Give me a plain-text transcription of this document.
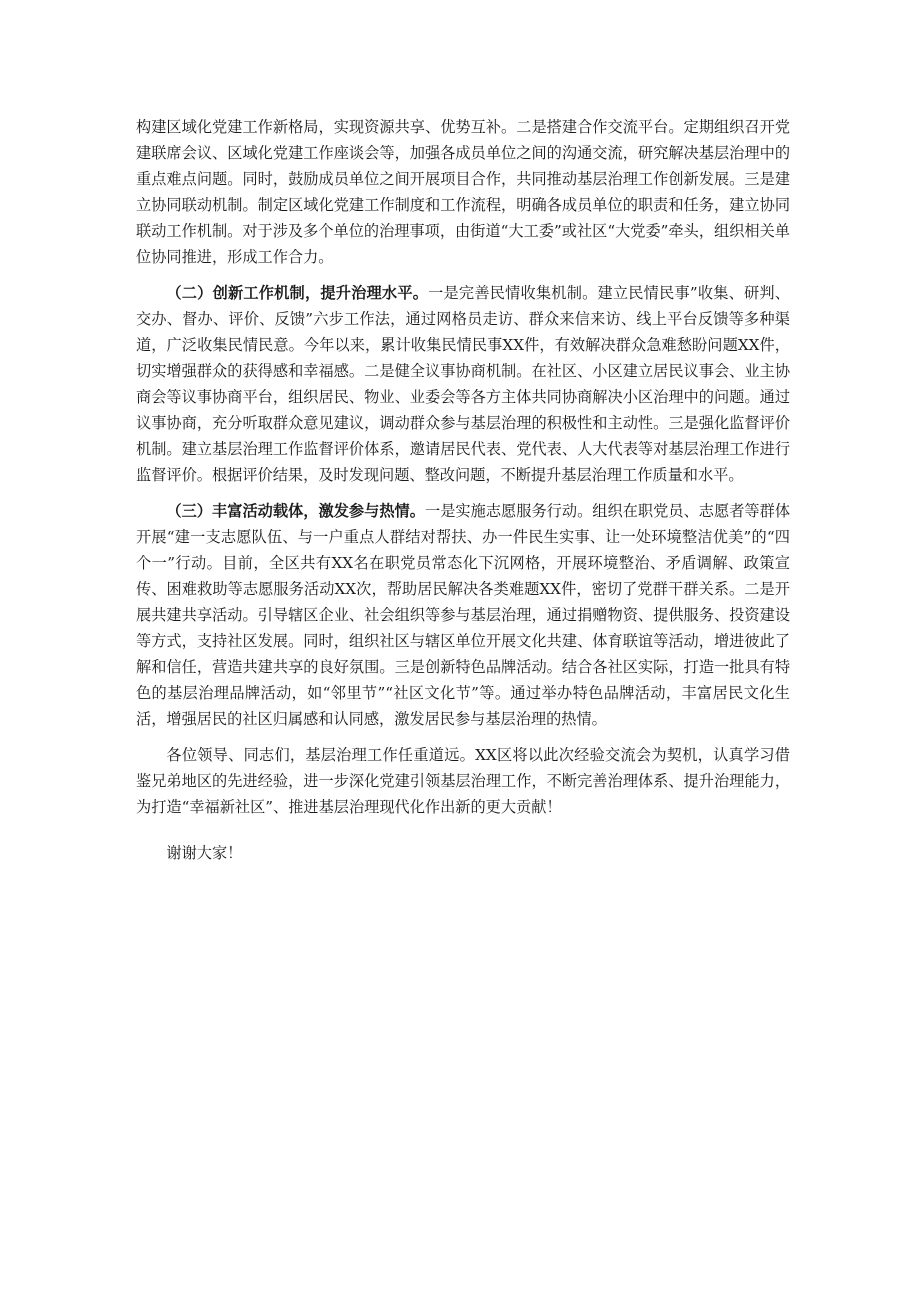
构建区域化党建工作新格局，实现资源共享、优势互补。二是搭建合作交流平台。定期组织召开党建联席会议、区域化党建工作座谈会等，加强各成员单位之间的沟通交流，研究解决基层治理中的重点难点问题。同时，鼓励成员单位之间开展项目合作，共同推动基层治理工作创新发展。三是建立协同联动机制。制定区域化党建工作制度和工作流程，明确各成员单位的职责和任务，建立协同联动工作机制。对于涉及多个单位的治理事项，由街道“大工委”或社区“大党委”牵头，组织相关单位协同推进，形成工作合力。

（二）创新工作机制，提升治理水平。一是完善民情收集机制。建立民情民事”收集、研判、交办、督办、评价、反馈”六步工作法，通过网格员走访、群众来信来访、线上平台反馈等多种渠道，广泛收集民情民意。今年以来，累计收集民情民事XX件，有效解决群众急难愁盼问题XX件，切实增强群众的获得感和幸福感。二是健全议事协商机制。在社区、小区建立居民议事会、业主协商会等议事协商平台，组织居民、物业、业委会等各方主体共同协商解决小区治理中的问题。通过议事协商，充分听取群众意见建议，调动群众参与基层治理的积极性和主动性。三是强化监督评价机制。建立基层治理工作监督评价体系，邀请居民代表、党代表、人大代表等对基层治理工作进行监督评价。根据评价结果，及时发现问题、整改问题，不断提升基层治理工作质量和水平。

（三）丰富活动载体，激发参与热情。一是实施志愿服务行动。组织在职党员、志愿者等群体开展“建一支志愿队伍、与一户重点人群结对帮扶、办一件民生实事、让一处环境整洁优美”的“四个一”行动。目前，全区共有XX名在职党员常态化下沉网格，开展环境整治、矛盾调解、政策宣传、困难救助等志愿服务活动XX次，帮助居民解决各类难题XX件，密切了党群干群关系。二是开展共建共享活动。引导辖区企业、社会组织等参与基层治理，通过捐赠物资、提供服务、投资建设等方式，支持社区发展。同时，组织社区与辖区单位开展文化共建、体育联谊等活动，增进彼此了解和信任，营造共建共享的良好氛围。三是创新特色品牌活动。结合各社区实际，打造一批具有特色的基层治理品牌活动，如“邻里节”“社区文化节”等。通过举办特色品牌活动，丰富居民文化生活，增强居民的社区归属感和认同感，激发居民参与基层治理的热情。

各位领导、同志们，基层治理工作任重道远。XX区将以此次经验交流会为契机，认真学习借鉴兄弟地区的先进经验，进一步深化党建引领基层治理工作，不断完善治理体系、提升治理能力，为打造“幸福新社区”、推进基层治理现代化作出新的更大贡献！

谢谢大家！
